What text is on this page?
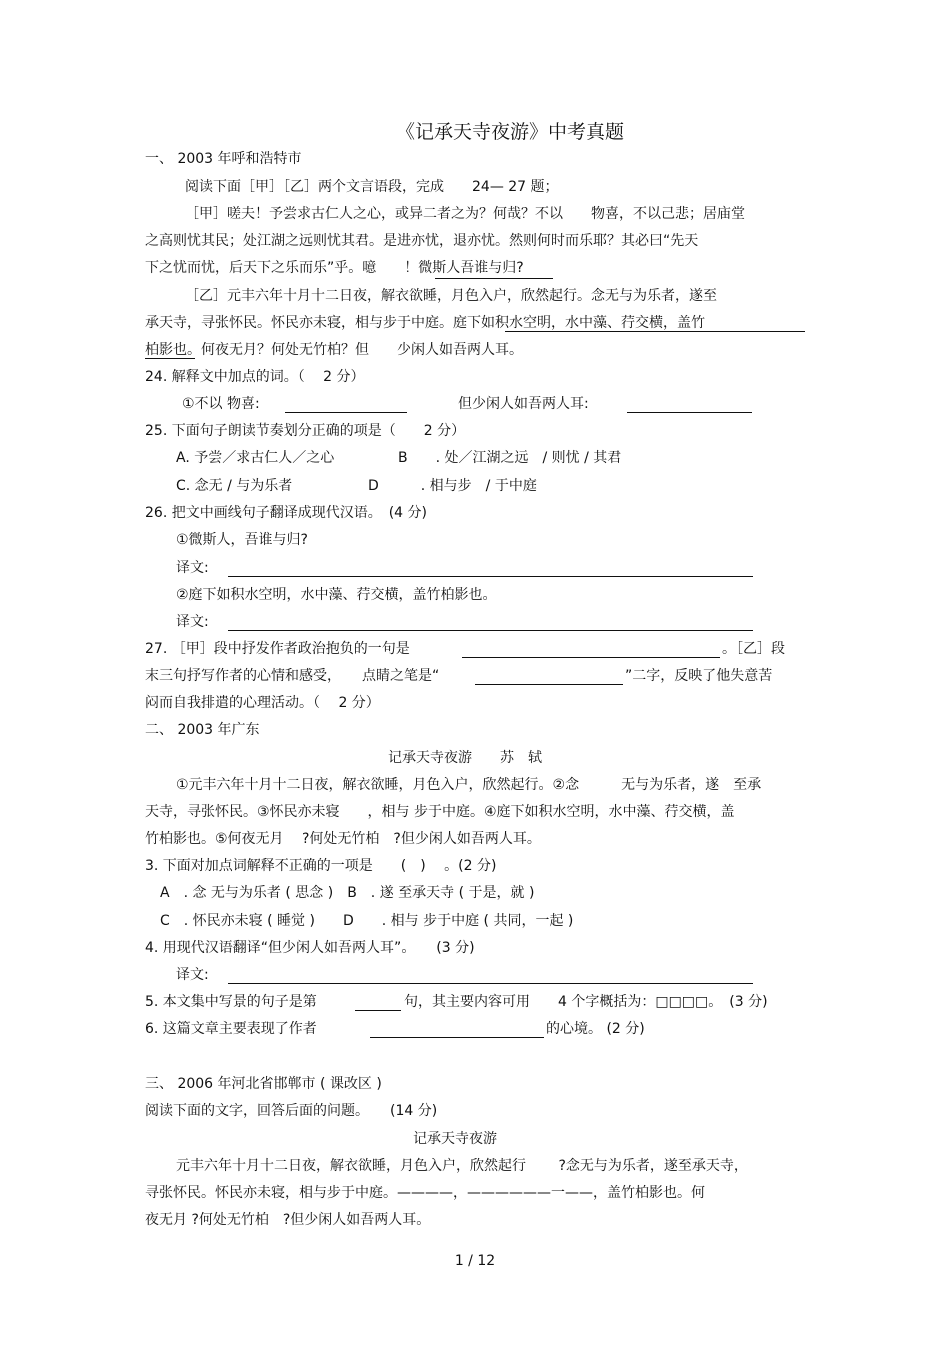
《记承天寺夜游》中考真题
一、 2003 年呼和浩特市
阅读下面［甲］［乙］两个文言语段，完成　　24— 27 题；
［甲］嗟夫！予尝求古仁人之心，或异二者之为？何哉？不以　　物喜，不以己悲；居庙堂
之高则忧其民；处江湖之远则忧其君。是进亦忧，退亦忧。然则何时而乐耶？其必曰“先天
下之忧而忧，后天下之乐而乐”乎。噫　　！微斯人吾谁与归?
［乙］元丰六年十月十二日夜，解衣欲睡，月色入户，欣然起行。念无与为乐者，遂至
承天寺，寻张怀民。怀民亦未寝，相与步于中庭。庭下如积水空明，水中藻、荇交横，盖竹
柏影也。何夜无月？何处无竹柏？但　　少闲人如吾两人耳。
24. 解释文中加点的词。（　 2 分）
①不以 物喜:	但少闲人如吾两人耳:
25. 下面句子朗读节奏划分正确的项是（　　2 分）
A. 予尝／求古仁人／之心	B　　. 处／江湖之远　/ 则忧 / 其君
C. 念无 / 与为乐者	D　　　. 相与步　/ 于中庭
26. 把文中画线句子翻译成现代汉语。　(4 分)
①微斯人，吾谁与归?
译文:
②庭下如积水空明，水中藻、荇交横，盖竹柏影也。
译文:
27. ［甲］段中抒发作者政治抱负的一句是	。［乙］段
末三句抒写作者的心情和感受，　　点睛之笔是“	”二字，反映了他失意苦
闷而自我排遣的心理活动。（　 2 分）
二、 2003 年广东
记承天寺夜游　　苏　轼
①元丰六年十月十二日夜，解衣欲睡，月色入户，欣然起行。②念　　　无与为乐者，遂　至承
天寺，寻张怀民。③怀民亦未寝　　，相与 步于中庭。④庭下如积水空明，水中藻、荇交横，盖
竹柏影也。⑤何夜无月　 ?何处无竹柏　?但少闲人如吾两人耳。
3. 下面对加点词解释不正确的一项是　　(　)　 。(2 分)
A　. 念 无与为乐者 ( 思念 )　B　. 遂 至承天寺 ( 于是，就 )
C　. 怀民亦未寝 ( 睡觉 )　　D　　. 相与 步于中庭 ( 共同，一起 )
4. 用现代汉语翻译“但少闲人如吾两人耳”。　　(3 分)
译文:
5. 本文集中写景的句子是第	句，其主要内容可用　　4 个字概括为：□□□□。　(3 分)
6. 这篇文章主要表现了作者	的心境。 (2 分)
三、 2006 年河北省邯郸市 ( 课改区 )
阅读下面的文字，回答后面的问题。　　(14 分)
记承天寺夜游
元丰六年十月十二日夜，解衣欲睡，月色入户，欣然起行　　 ?念无与为乐者，遂至承天寺，
寻张怀民。怀民亦未寝，相与步于中庭。————，——————一——，盖竹柏影也。何
夜无月 ?何处无竹柏　?但少闲人如吾两人耳。
1 / 12
